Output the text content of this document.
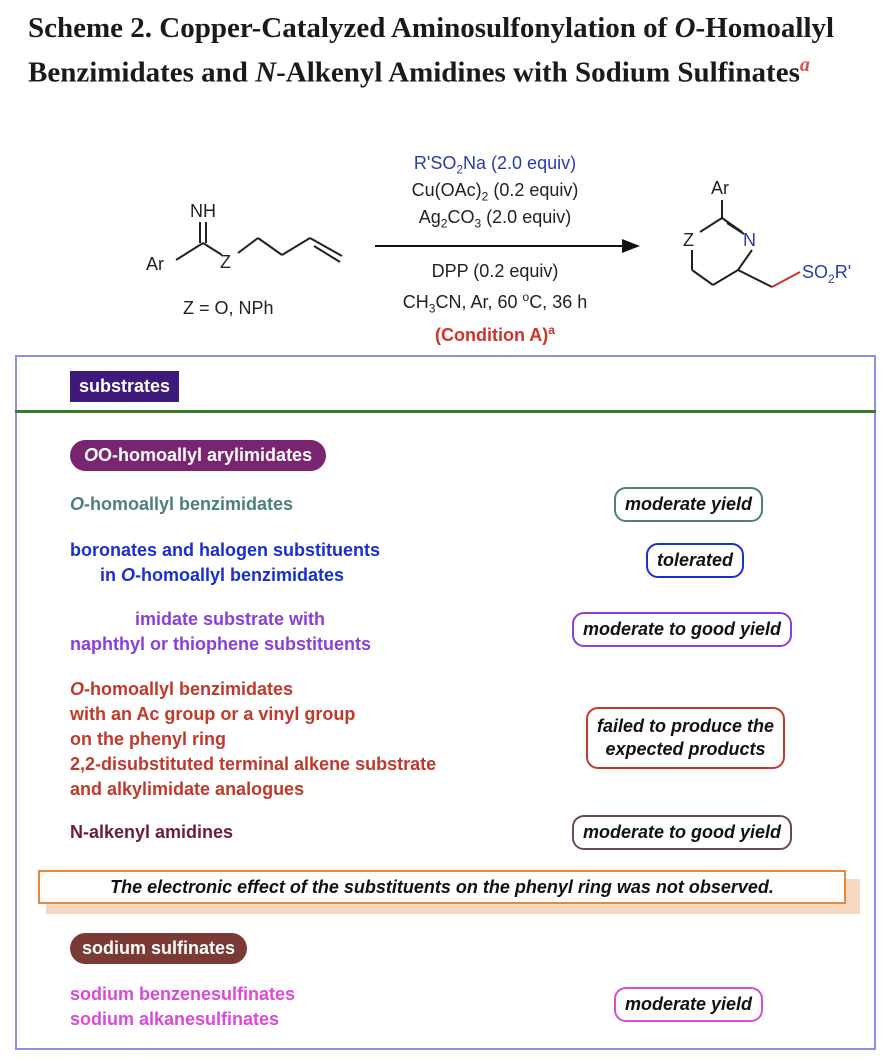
Scheme 2. Copper-Catalyzed Aminosulfonylation of O-Homoallyl Benzimidates and N-Alkenyl Amidines with Sodium Sulfinates$^a$
NH
Ar	Z
Ar
Z	N
$SO_2R'$
Z = O, NPh
$R'SO_2Na$ (2.0 equiv)
$Cu(OAc)_2$ (0.2 equiv)
$Ag_2CO_3$ (2.0 equiv)
DPP (0.2 equiv)
$CH_3CN$, Ar, 60 $^o$C, 36 h
(Condition A)$^a$
substrates
OO-homoallyl arylimidates
sodium sulfinates
O-homoallyl benzimidates
boronates and halogen substituents
in O-homoallyl benzimidates
imidate substrate with
naphthyl or thiophene substituents
O-homoallyl benzimidates
with an Ac group or a vinyl group
on the phenyl ring
2,2-disubstituted terminal alkene substrate
and alkylimidate analogues
N-alkenyl amidines
sodium benzenesulfinates
sodium alkanesulfinates
moderate yield
tolerated
moderate to good yield
failed to produce the
expected products
moderate to good yield
moderate yield
The electronic effect of the substituents on the phenyl ring was not observed.
